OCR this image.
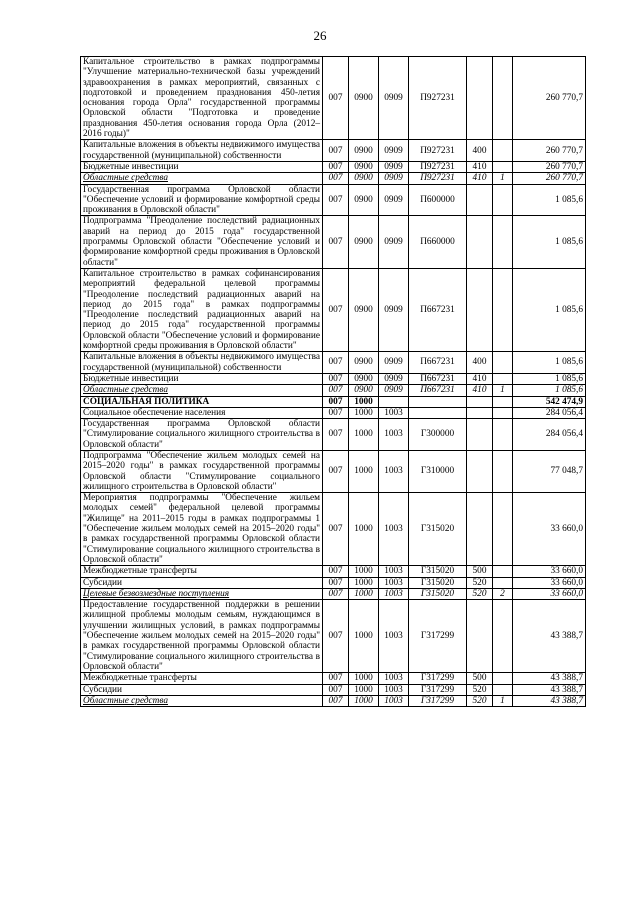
26
Капитальное строительство в рамках подпрограммы "Улучшение материально-технической базы учреждений здравоохранения в рамках мероприятий, связанных с подготовкой и проведением празднования 450-летия основания города Орла" государственной программы Орловской области "Подготовка и проведение празднования 450-летия основания города Орла (2012–2016 годы)"	007	0900	0909	П927231			260 770,7
Капитальные вложения в объекты недвижимого имущества государственной (муниципальной) собственности	007	0900	0909	П927231	400		260 770,7
Бюджетные инвестиции	007	0900	0909	П927231	410		260 770,7
Областные средства	007	0900	0909	П927231	410	1	260 770,7
Государственная программа Орловской области "Обеспечение условий и формирование комфортной среды проживания в Орловской области"	007	0900	0909	П600000			1 085,6
Подпрограмма "Преодоление последствий радиационных аварий на период до 2015 года" государственной программы Орловской области "Обеспечение условий и формирование комфортной среды проживания в Орловской области"	007	0900	0909	П660000			1 085,6
Капитальное строительство в рамках софинансирования мероприятий федеральной целевой программы "Преодоление последствий радиационных аварий на период до 2015 года" в рамках подпрограммы "Преодоление последствий радиационных аварий на период до 2015 года" государственной программы Орловской области "Обеспечение условий и формирование комфортной среды проживания в Орловской области"	007	0900	0909	П667231			1 085,6
Капитальные вложения в объекты недвижимого имущества государственной (муниципальной) собственности	007	0900	0909	П667231	400		1 085,6
Бюджетные инвестиции	007	0900	0909	П667231	410		1 085,6
Областные средства	007	0900	0909	П667231	410	1	1 085,6
СОЦИАЛЬНАЯ ПОЛИТИКА	007	1000					542 474,9
Социальное обеспечение населения	007	1000	1003				284 056,4
Государственная программа Орловской области "Стимулирование социального жилищного строительства в Орловской области"	007	1000	1003	Г300000			284 056,4
Подпрограмма "Обеспечение жильем молодых семей на 2015–2020 годы" в рамках государственной программы Орловской области "Стимулирование социального жилищного строительства в Орловской области"	007	1000	1003	Г310000			77 048,7
Мероприятия подпрограммы "Обеспечение жильем молодых семей" федеральной целевой программы "Жилище" на 2011–2015 годы в рамках подпрограммы 1 "Обеспечение жильем молодых семей на 2015–2020 годы" в рамках государственной программы Орловской области "Стимулирование социального жилищного строительства в Орловской области"	007	1000	1003	Г315020			33 660,0
Межбюджетные трансферты	007	1000	1003	Г315020	500		33 660,0
Субсидии	007	1000	1003	Г315020	520		33 660,0
Целевые безвозмездные поступления	007	1000	1003	Г315020	520	2	33 660,0
Предоставление государственной поддержки в решении жилищной проблемы молодым семьям, нуждающимся в улучшении жилищных условий, в рамках подпрограммы "Обеспечение жильем молодых семей на 2015–2020 годы" в рамках государственной программы Орловской области "Стимулирование социального жилищного строительства в Орловской области"	007	1000	1003	Г317299			43 388,7
Межбюджетные трансферты	007	1000	1003	Г317299	500		43 388,7
Субсидии	007	1000	1003	Г317299	520		43 388,7
Областные средства	007	1000	1003	Г317299	520	1	43 388,7
